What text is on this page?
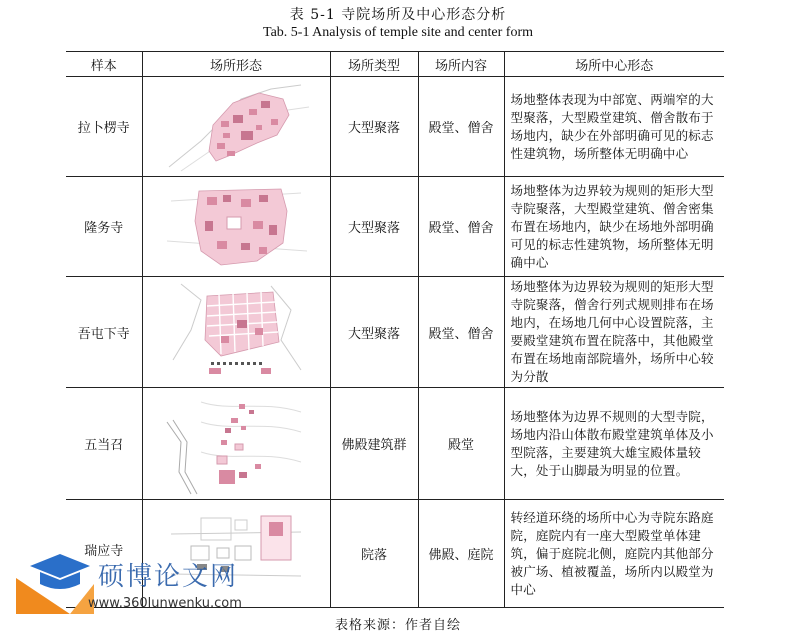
表 5-1 寺院场所及中心形态分析
Tab. 5-1 Analysis of temple site and center form
样本	场所形态	场所类型	场所内容	场所中心形态
拉卜楞寺		大型聚落	殿堂、僧舍	场地整体表现为中部宽、两端窄的大型聚落，大型殿堂建筑、僧舍散布于场地内，缺少在外部明确可见的标志性建筑物，场所整体无明确中心
隆务寺		大型聚落	殿堂、僧舍	场地整体为边界较为规则的矩形大型寺院聚落，大型殿堂建筑、僧舍密集布置在场地内，缺少在场地外部明确可见的标志性建筑物，场所整体无明确中心
吾屯下寺		大型聚落	殿堂、僧舍	场地整体为边界较为规则的矩形大型寺院聚落，僧舍行列式规则排布在场地内，在场地几何中心设置院落，主要殿堂建筑布置在院落中，其他殿堂布置在场地南部院墙外，场所中心较为分散
五当召		佛殿建筑群	殿堂	场地整体为边界不规则的大型寺院，场地内沿山体散布殿堂建筑单体及小型院落，主要建筑大雄宝殿体量较大，处于山脚最为明显的位置。
瑞应寺		院落	佛殿、庭院	转经道环绕的场所中心为寺院东路庭院，庭院内有一座大型殿堂单体建筑，偏于庭院北侧，庭院内其他部分被广场、植被覆盖，场所内以殿堂为中心
表格来源：作者自绘
硕博论文网
www.360lunwenku.com
